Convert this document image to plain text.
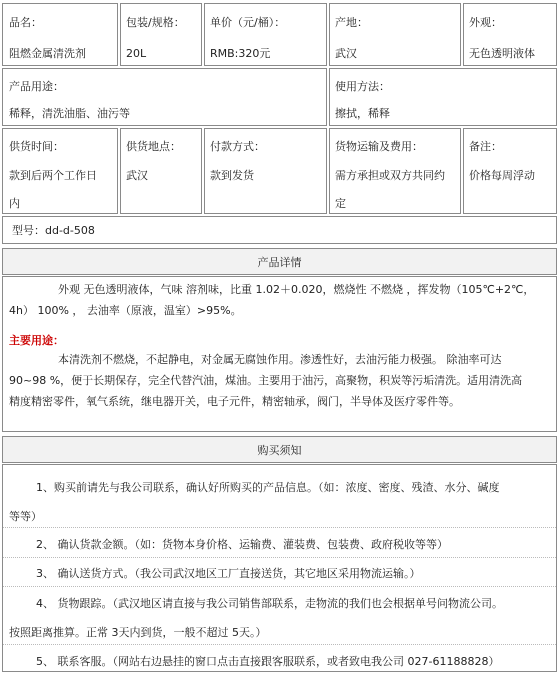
品名：
阻燃金属清洗剂
包装/规格：
20L
单价（元/桶）：
RMB:320元
产地：
武汉
外观：
无色透明液体
产品用途：
稀释，清洗油脂、油污等
使用方法：
擦拭，稀释
供货时间：
款到后两个工作日
内
供货地点：
武汉
付款方式：
款到发货
货物运输及费用：
需方承担或双方共同约
定
备注：
价格每周浮动
型号：dd-d-508
产品详情
外观 无色透明液体，气味 溶剂味，比重 1.02＋0.020，燃烧性 不燃烧 ，挥发物（105℃+2℃，
4h） 100% ， 去油率（原液，温室）>95%。
主要用途：
本清洗剂不燃烧，不起静电，对金属无腐蚀作用。渗透性好，去油污能力极强。 除油率可达
90~98 %，便于长期保存，完全代替汽油，煤油。主要用于油污，高聚物，积炭等污垢清洗。适用清洗高
精度精密零件，氧气系统，继电器开关，电子元件，精密轴承，阀门，半导体及医疗零件等。
购买须知
1、购买前请先与我公司联系，确认好所购买的产品信息。（如：浓度、密度、残渣、水分、碱度
等等）
2、 确认货款金额。（如：货物本身价格、运输费、灌装费、包装费、政府税收等等）
3、 确认送货方式。（我公司武汉地区工厂直接送货，其它地区采用物流运输。）
4、 货物跟踪。（武汉地区请直接与我公司销售部联系，走物流的我们也会根据单号问物流公司。
按照距离推算。正常 3天内到货，一般不超过 5天。）
5、 联系客服。（网站右边悬挂的窗口点击直接跟客服联系，或者致电我公司 027-61188828）
